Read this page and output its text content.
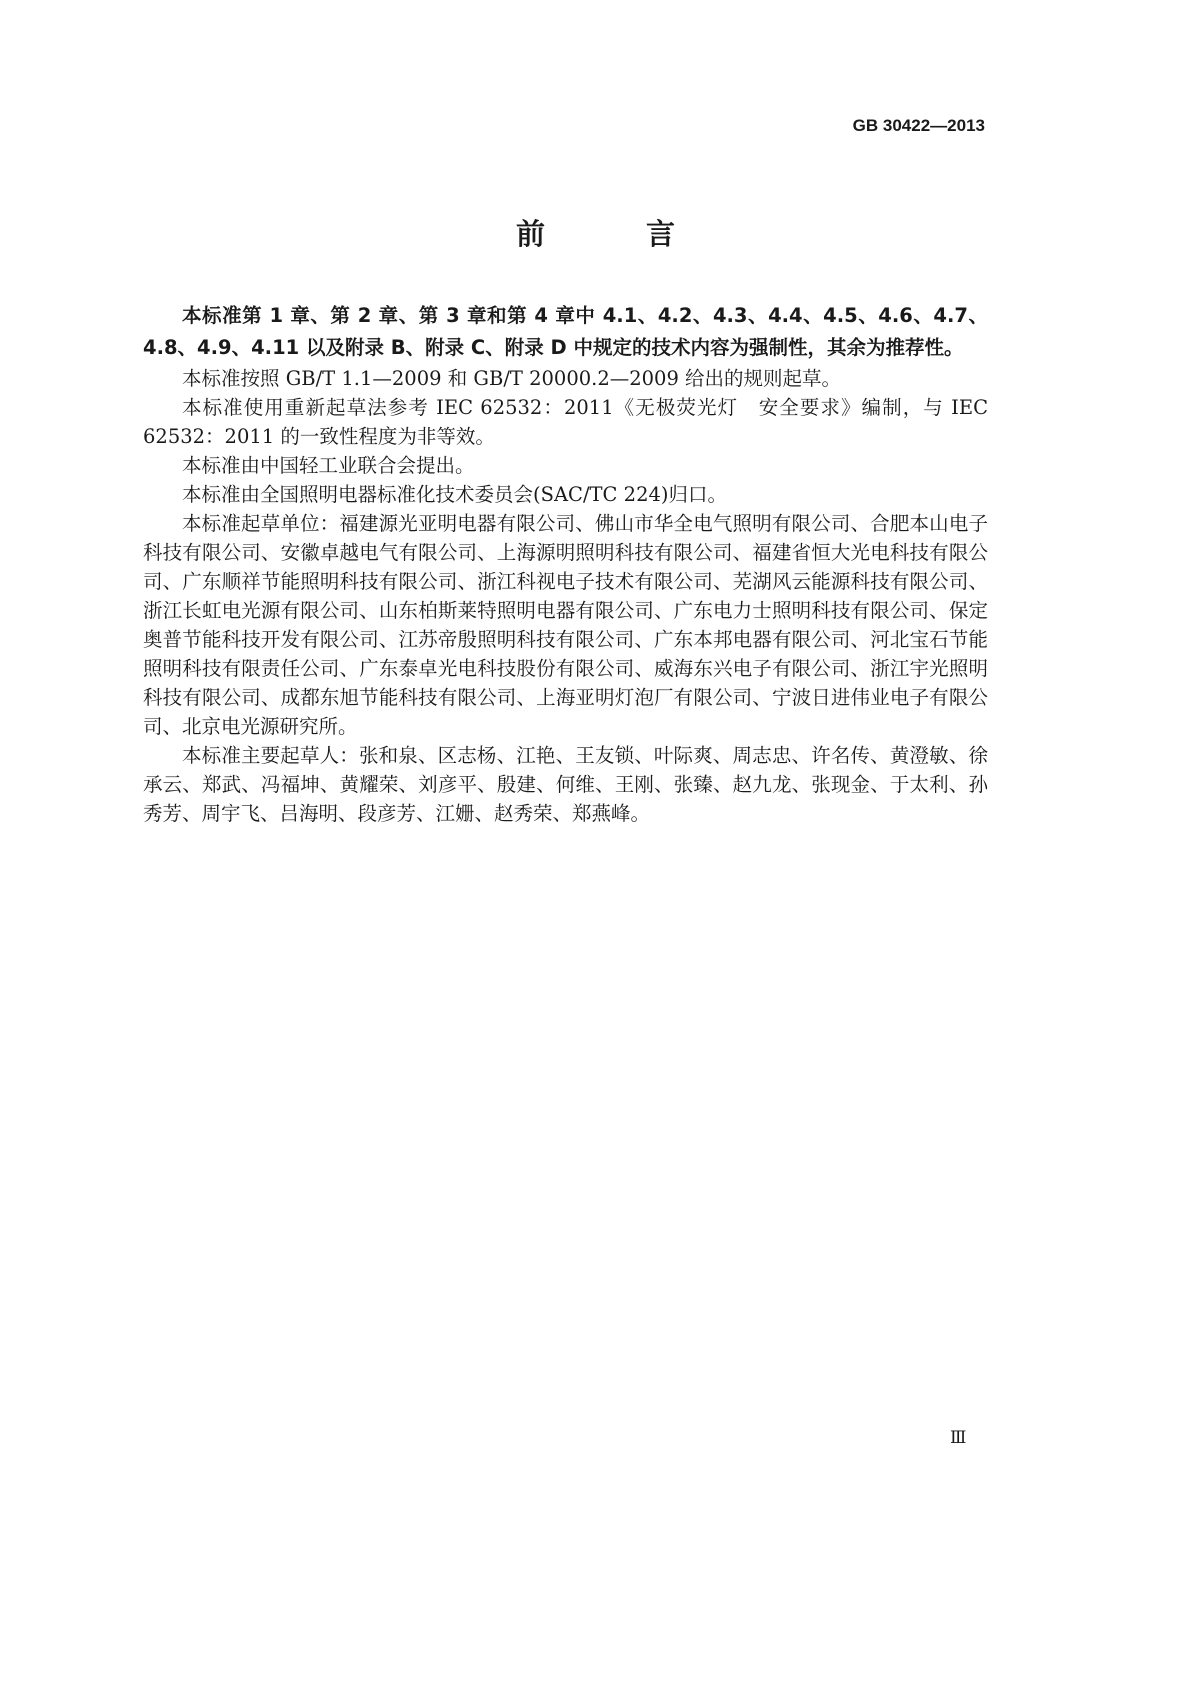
GB 30422—2013
前　言

本标准第 1 章、第 2 章、第 3 章和第 4 章中 4.1、4.2、4.3、4.4、4.5、4.6、4.7、4.8、4.9、4.11 以及附录 B、附录 C、附录 D 中规定的技术内容为强制性，其余为推荐性。

本标准按照 GB/T 1.1—2009 和 GB/T 20000.2—2009 给出的规则起草。

本标准使用重新起草法参考 IEC 62532：2011《无极荧光灯　安全要求》编制，与 IEC 62532：2011 的一致性程度为非等效。

本标准由中国轻工业联合会提出。

本标准由全国照明电器标准化技术委员会(SAC/TC 224)归口。

本标准起草单位：福建源光亚明电器有限公司、佛山市华全电气照明有限公司、合肥本山电子科技有限公司、安徽卓越电气有限公司、上海源明照明科技有限公司、福建省恒大光电科技有限公司、广东顺祥节能照明科技有限公司、浙江科视电子技术有限公司、芜湖风云能源科技有限公司、浙江长虹电光源有限公司、山东柏斯莱特照明电器有限公司、广东电力士照明科技有限公司、保定奥普节能科技开发有限公司、江苏帝殷照明科技有限公司、广东本邦电器有限公司、河北宝石节能照明科技有限责任公司、广东泰卓光电科技股份有限公司、威海东兴电子有限公司、浙江宇光照明科技有限公司、成都东旭节能科技有限公司、上海亚明灯泡厂有限公司、宁波日进伟业电子有限公司、北京电光源研究所。

本标准主要起草人：张和泉、区志杨、江艳、王友锁、叶际爽、周志忠、许名传、黄澄敏、徐承云、郑武、冯福坤、黄耀荣、刘彦平、殷建、何维、王刚、张臻、赵九龙、张现金、于太利、孙秀芳、周宇飞、吕海明、段彦芳、江姗、赵秀荣、郑燕峰。

Ⅲ
